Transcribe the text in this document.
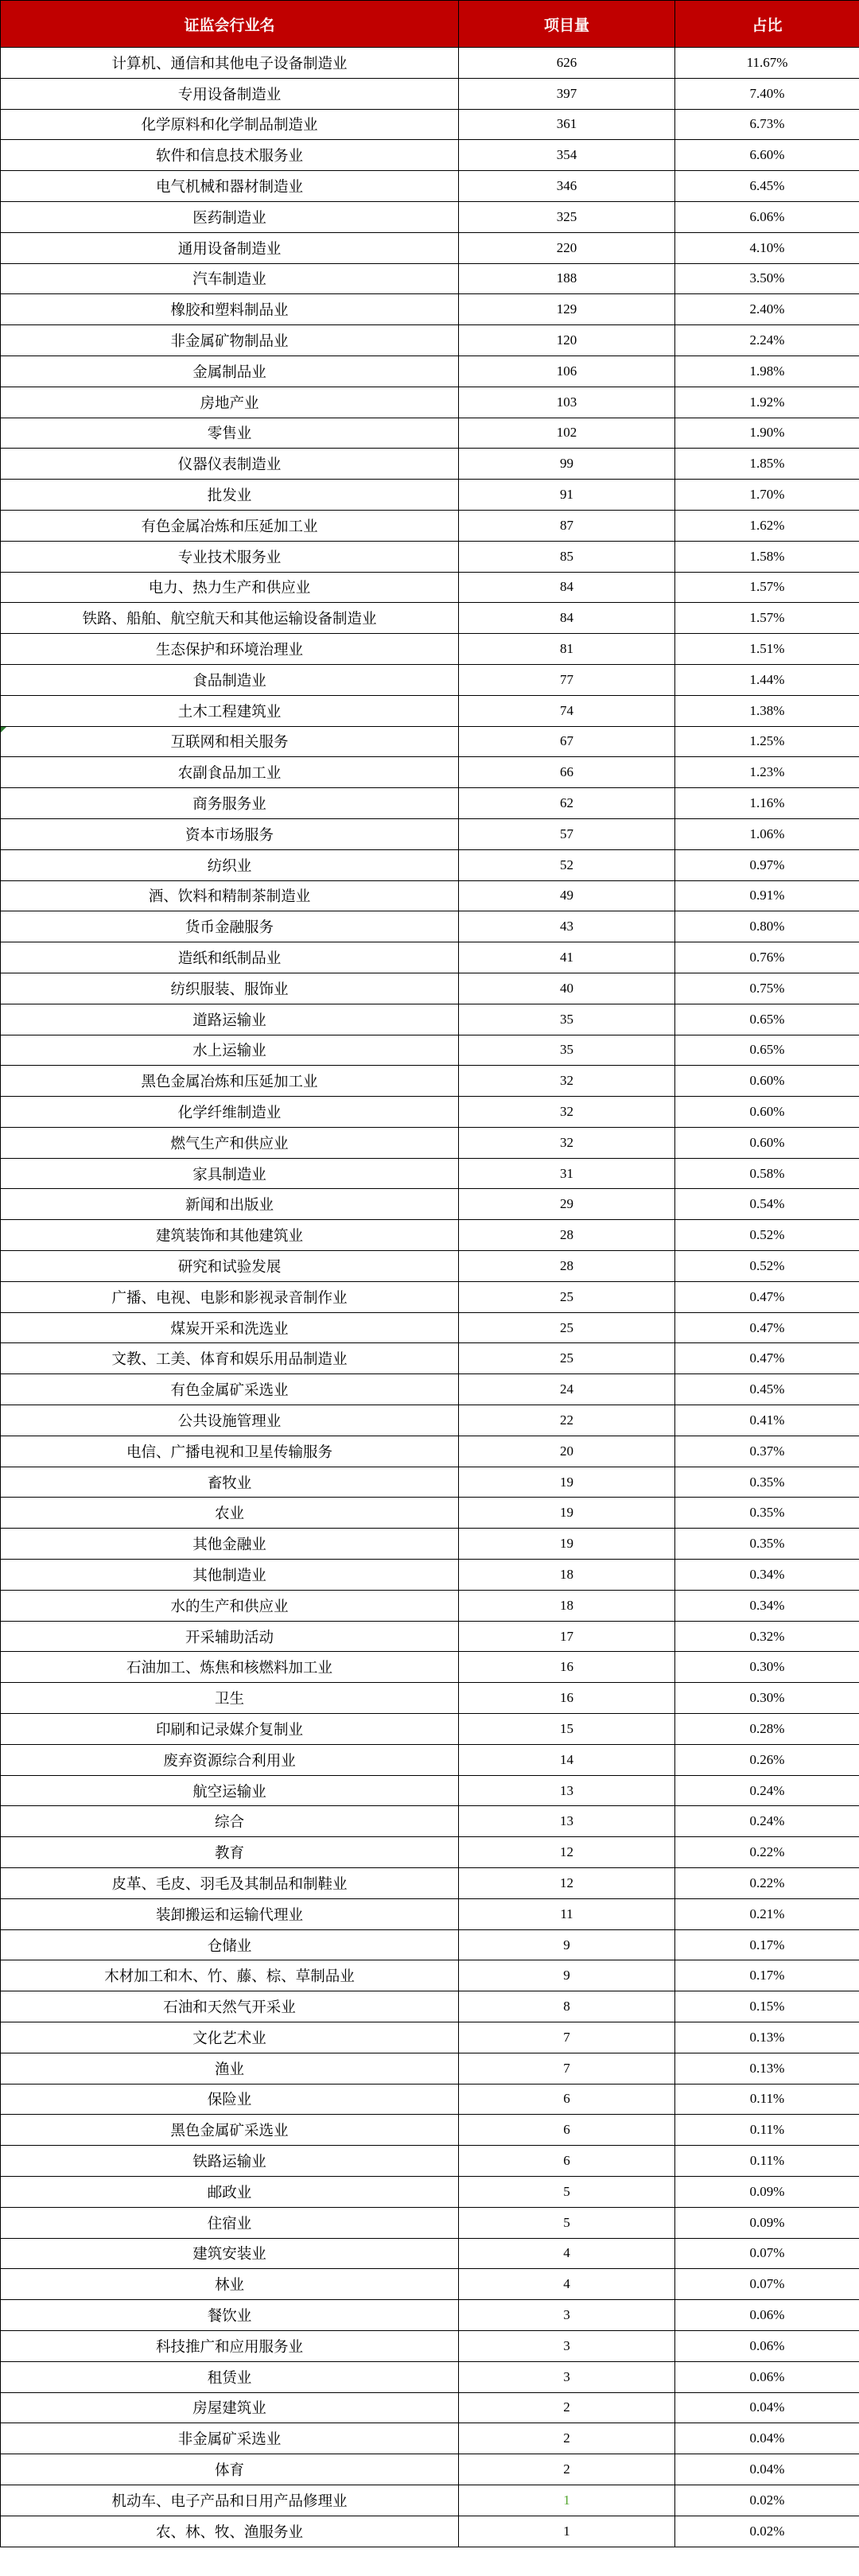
证监会行业名	项目量	占比
计算机、通信和其他电子设备制造业	626	11.67%
专用设备制造业	397	7.40%
化学原料和化学制品制造业	361	6.73%
软件和信息技术服务业	354	6.60%
电气机械和器材制造业	346	6.45%
医药制造业	325	6.06%
通用设备制造业	220	4.10%
汽车制造业	188	3.50%
橡胶和塑料制品业	129	2.40%
非金属矿物制品业	120	2.24%
金属制品业	106	1.98%
房地产业	103	1.92%
零售业	102	1.90%
仪器仪表制造业	99	1.85%
批发业	91	1.70%
有色金属冶炼和压延加工业	87	1.62%
专业技术服务业	85	1.58%
电力、热力生产和供应业	84	1.57%
铁路、船舶、航空航天和其他运输设备制造业	84	1.57%
生态保护和环境治理业	81	1.51%
食品制造业	77	1.44%
土木工程建筑业	74	1.38%
互联网和相关服务	67	1.25%
农副食品加工业	66	1.23%
商务服务业	62	1.16%
资本市场服务	57	1.06%
纺织业	52	0.97%
酒、饮料和精制茶制造业	49	0.91%
货币金融服务	43	0.80%
造纸和纸制品业	41	0.76%
纺织服装、服饰业	40	0.75%
道路运输业	35	0.65%
水上运输业	35	0.65%
黑色金属冶炼和压延加工业	32	0.60%
化学纤维制造业	32	0.60%
燃气生产和供应业	32	0.60%
家具制造业	31	0.58%
新闻和出版业	29	0.54%
建筑装饰和其他建筑业	28	0.52%
研究和试验发展	28	0.52%
广播、电视、电影和影视录音制作业	25	0.47%
煤炭开采和洗选业	25	0.47%
文教、工美、体育和娱乐用品制造业	25	0.47%
有色金属矿采选业	24	0.45%
公共设施管理业	22	0.41%
电信、广播电视和卫星传输服务	20	0.37%
畜牧业	19	0.35%
农业	19	0.35%
其他金融业	19	0.35%
其他制造业	18	0.34%
水的生产和供应业	18	0.34%
开采辅助活动	17	0.32%
石油加工、炼焦和核燃料加工业	16	0.30%
卫生	16	0.30%
印刷和记录媒介复制业	15	0.28%
废弃资源综合利用业	14	0.26%
航空运输业	13	0.24%
综合	13	0.24%
教育	12	0.22%
皮革、毛皮、羽毛及其制品和制鞋业	12	0.22%
装卸搬运和运输代理业	11	0.21%
仓储业	9	0.17%
木材加工和木、竹、藤、棕、草制品业	9	0.17%
石油和天然气开采业	8	0.15%
文化艺术业	7	0.13%
渔业	7	0.13%
保险业	6	0.11%
黑色金属矿采选业	6	0.11%
铁路运输业	6	0.11%
邮政业	5	0.09%
住宿业	5	0.09%
建筑安装业	4	0.07%
林业	4	0.07%
餐饮业	3	0.06%
科技推广和应用服务业	3	0.06%
租赁业	3	0.06%
房屋建筑业	2	0.04%
非金属矿采选业	2	0.04%
体育	2	0.04%
机动车、电子产品和日用产品修理业	1	0.02%
农、林、牧、渔服务业	1	0.02%
